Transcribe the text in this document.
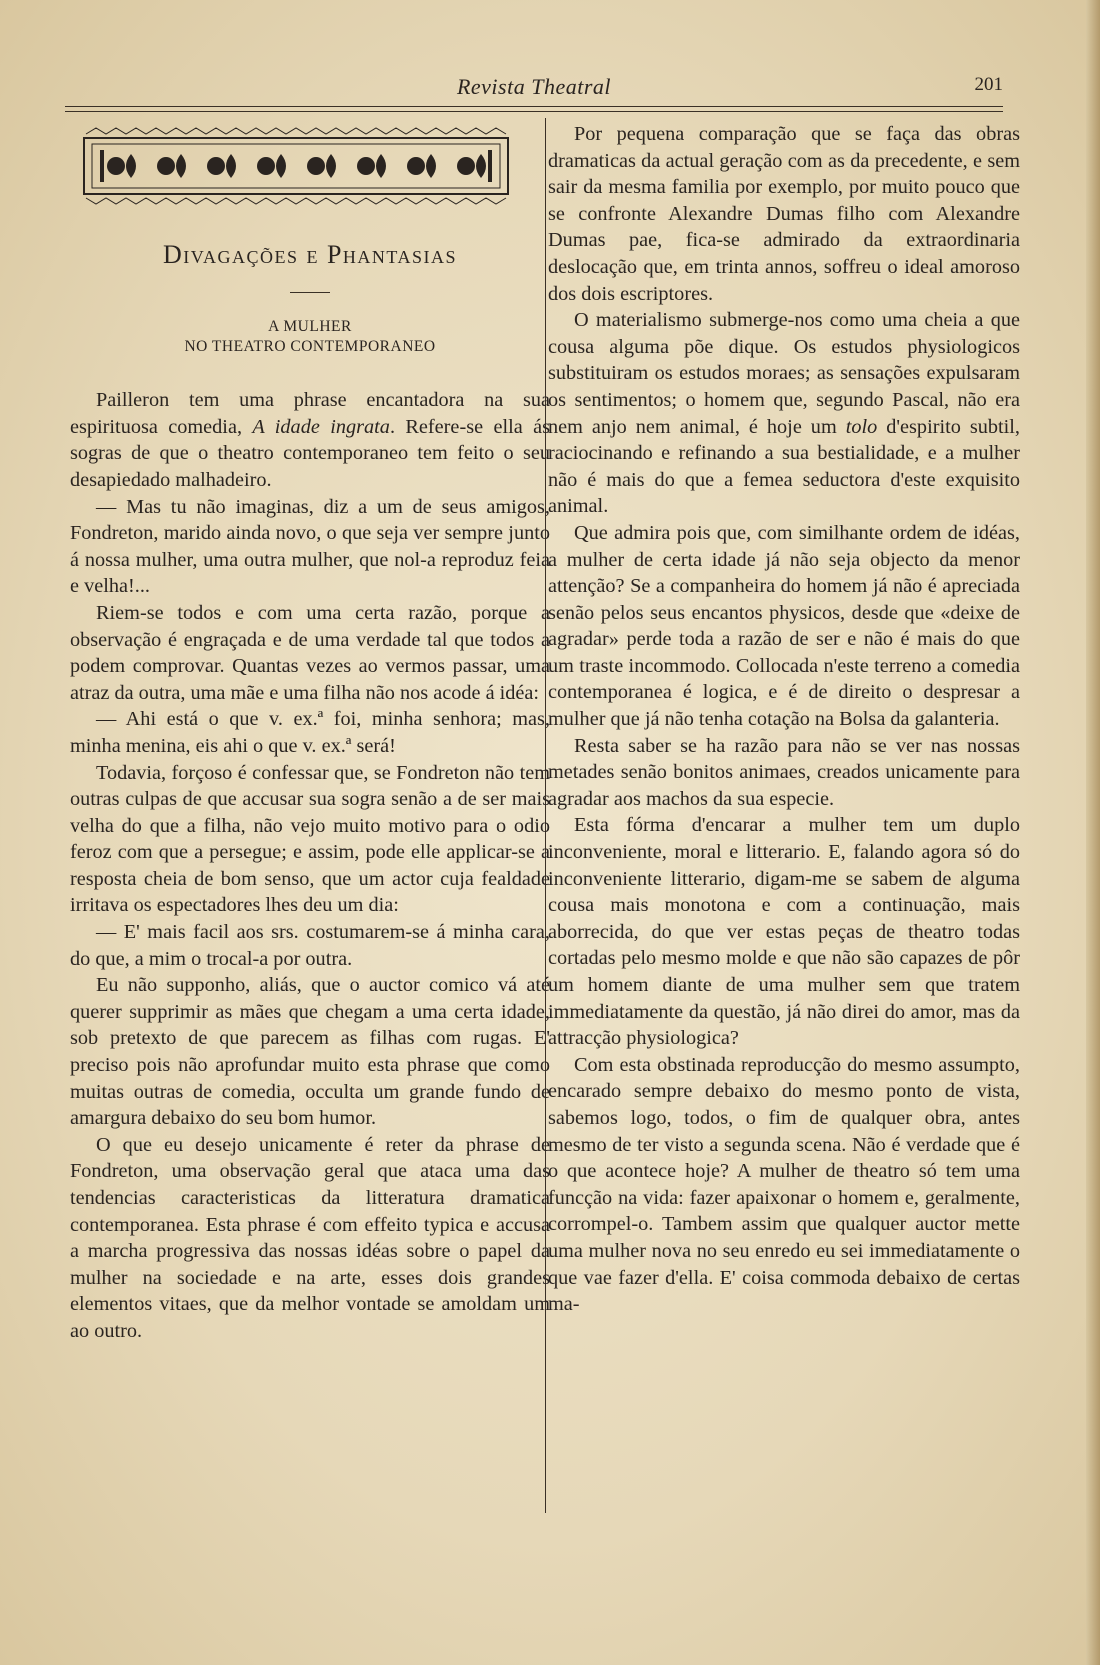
Revista Theatral	201
Divagações e Phantasias
A MULHER
NO THEATRO CONTEMPORANEO

Pailleron tem uma phrase encantadora na sua espirituosa comedia, A idade ingrata. Refere-se ella ás sogras de que o theatro contemporaneo tem feito o seu desapiedado malhadeiro.

— Mas tu não imaginas, diz a um de seus amigos, Fondreton, marido ainda novo, o que seja ver sempre junto á nossa mulher, uma outra mulher, que nol-a reproduz feia e velha!...

Riem-se todos e com uma certa razão, porque a observação é engraçada e de uma verdade tal que todos a podem comprovar. Quantas vezes ao vermos passar, uma atraz da outra, uma mãe e uma filha não nos acode á idéa:

— Ahi está o que v. ex.ª foi, minha senhora; mas, minha menina, eis ahi o que v. ex.ª será!

Todavia, forçoso é confessar que, se Fondreton não tem outras culpas de que accusar sua sogra senão a de ser mais velha do que a filha, não vejo muito motivo para o odio feroz com que a persegue; e assim, pode elle applicar-se a resposta cheia de bom senso, que um actor cuja fealdade irritava os espectadores lhes deu um dia:

— E' mais facil aos srs. costumarem-se á minha cara, do que, a mim o trocal-a por outra.

Eu não supponho, aliás, que o auctor comico vá até querer supprimir as mães que chegam a uma certa idade, sob pretexto de que parecem as filhas com rugas. E' preciso pois não aprofundar muito esta phrase que como muitas outras de comedia, occulta um grande fundo de amargura debaixo do seu bom humor.

O que eu desejo unicamente é reter da phrase de Fondreton, uma observação geral que ataca uma das tendencias caracteristicas da litteratura dramatica contemporanea. Esta phrase é com effeito typica e accusa a marcha progressiva das nossas idéas sobre o papel da mulher na sociedade e na arte, esses dois grandes elementos vitaes, que da melhor vontade se amoldam um ao outro.

Por pequena comparação que se faça das obras dramaticas da actual geração com as da precedente, e sem sair da mesma familia por exemplo, por muito pouco que se confronte Alexandre Dumas filho com Alexandre Dumas pae, fica-se admirado da extraordinaria deslocação que, em trinta annos, soffreu o ideal amoroso dos dois escriptores.

O materialismo submerge-nos como uma cheia a que cousa alguma põe dique. Os estudos physiologicos substituiram os estudos moraes; as sensações expulsaram os sentimentos; o homem que, segundo Pascal, não era nem anjo nem animal, é hoje um tolo d'espirito subtil, raciocinando e refinando a sua bestialidade, e a mulher não é mais do que a femea seductora d'este exquisito animal.

Que admira pois que, com similhante ordem de idéas, a mulher de certa idade já não seja objecto da menor attenção? Se a companheira do homem já não é apreciada senão pelos seus encantos physicos, desde que «deixe de agradar» perde toda a razão de ser e não é mais do que um traste incommodo. Collocada n'este terreno a comedia contemporanea é logica, e é de direito o despresar a mulher que já não tenha cotação na Bolsa da galanteria.

Resta saber se ha razão para não se ver nas nossas metades senão bonitos animaes, creados unicamente para agradar aos machos da sua especie.

Esta fórma d'encarar a mulher tem um duplo inconveniente, moral e litterario. E, falando agora só do inconveniente litterario, digam-me se sabem de alguma cousa mais monotona e com a continuação, mais aborrecida, do que ver estas peças de theatro todas cortadas pelo mesmo molde e que não são capazes de pôr um homem diante de uma mulher sem que tratem immediatamente da questão, já não direi do amor, mas da attracção physiologica?

Com esta obstinada reproducção do mesmo assumpto, encarado sempre debaixo do mesmo ponto de vista, sabemos logo, todos, o fim de qualquer obra, antes mesmo de ter visto a segunda scena. Não é verdade que é o que acontece hoje? A mulher de theatro só tem uma funcção na vida: fazer apaixonar o homem e, geralmente, corrompel-o. Tambem assim que qualquer auctor mette uma mulher nova no seu enredo eu sei immediatamente o que vae fazer d'ella. E' coisa commoda debaixo de certas ma-
